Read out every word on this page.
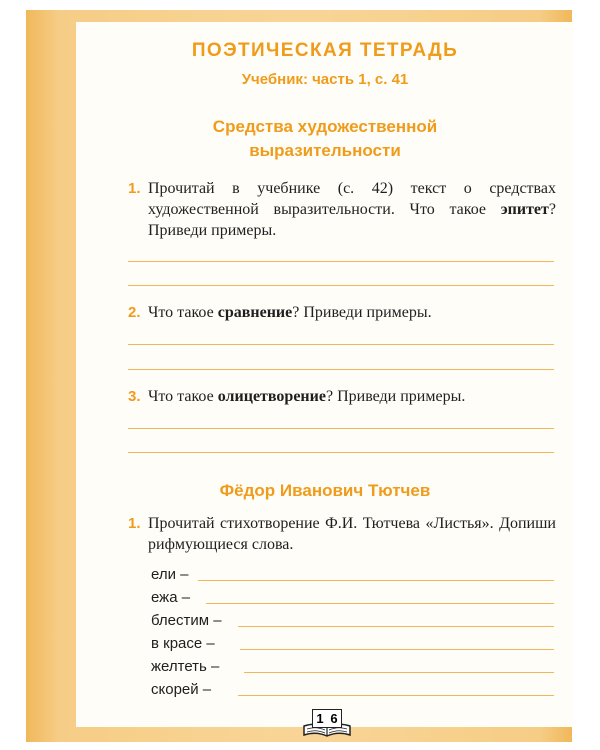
ПОЭТИЧЕСКАЯ ТЕТРАДЬ
Учебник: часть 1, с. 41
Средства художественной
выразительности
1. Прочитай в учебнике (с. 42) текст о средствах художественной выразительности. Что такое эпитет? Приведи примеры.
2. Что такое сравнение? Приведи примеры.
3. Что такое олицетворение? Приведи примеры.
Фёдор Иванович Тютчев
1. Прочитай стихотворение Ф.И. Тютчева «Листья». Допиши рифмующиеся слова.
ели –
ежа –
блестим –
в красе –
желтеть –
скорей –
1 6
